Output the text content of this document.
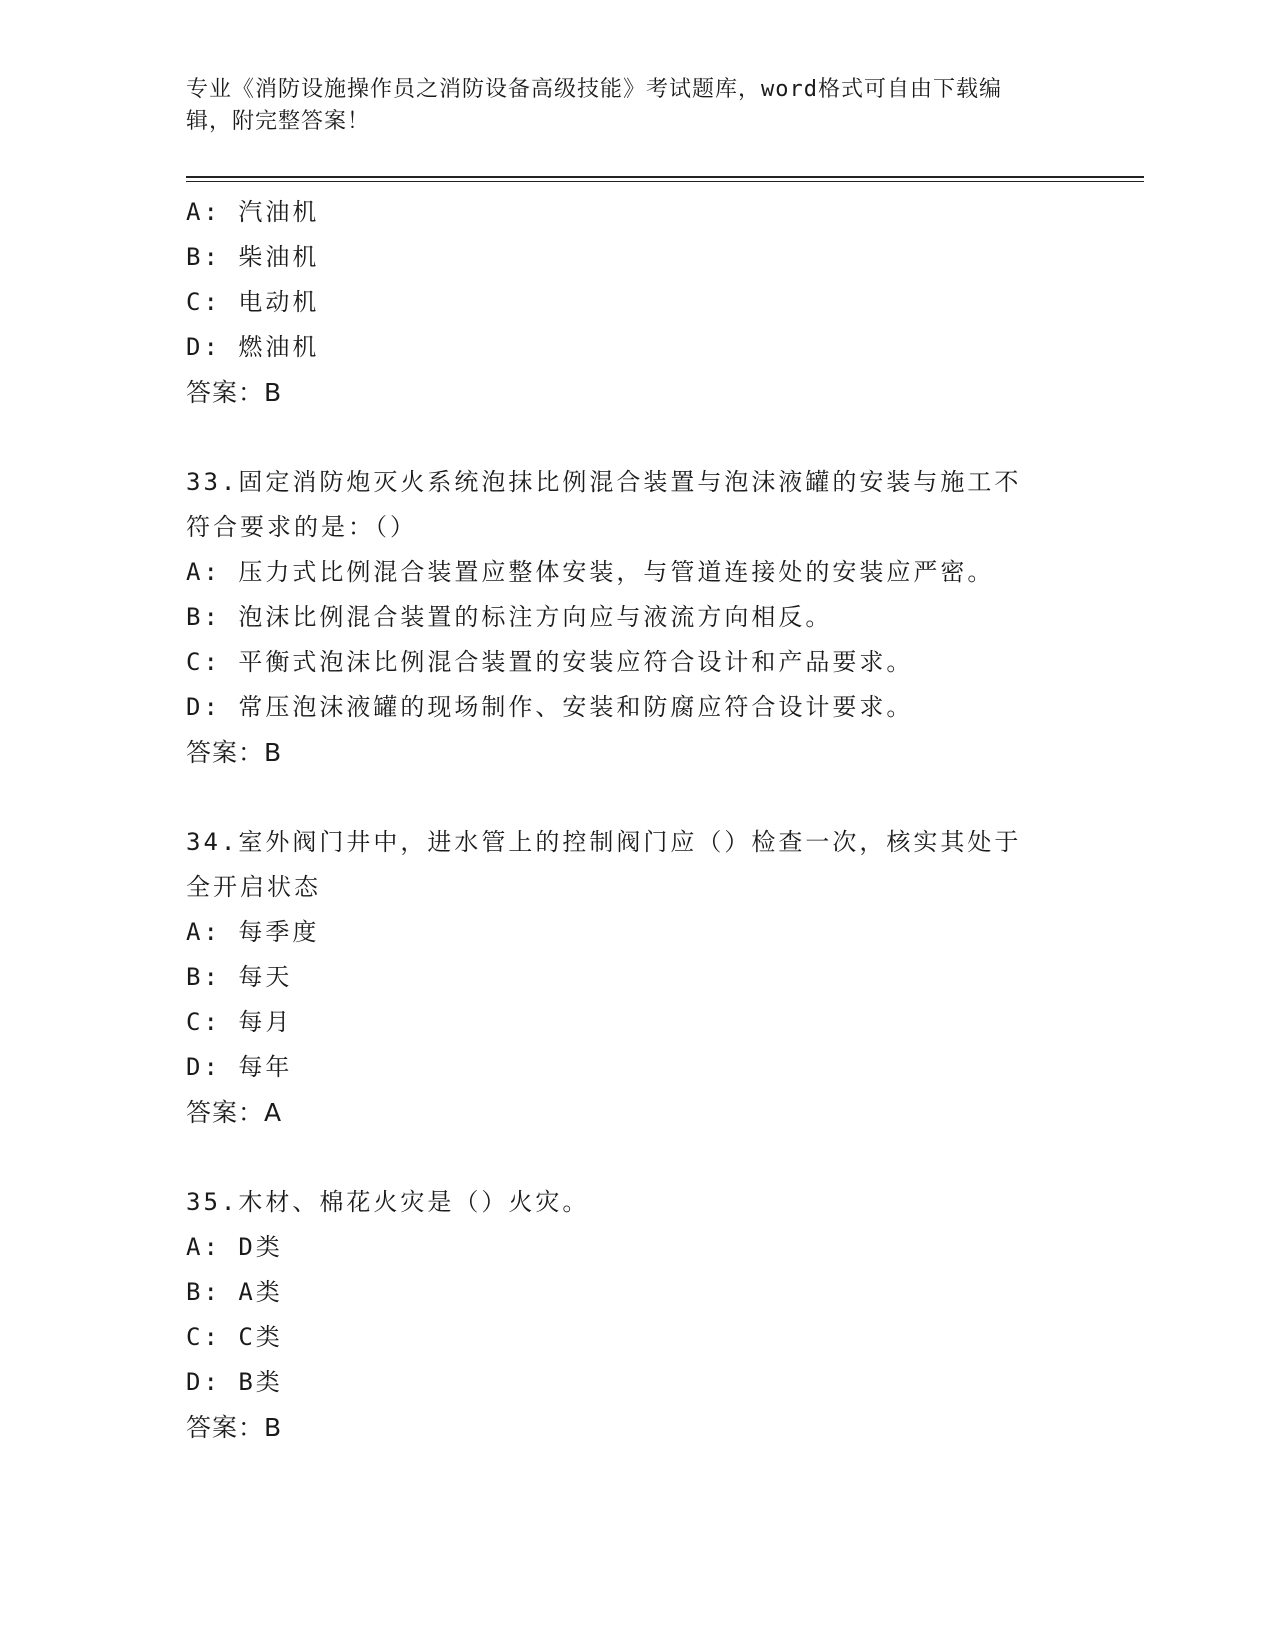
专业《消防设施操作员之消防设备高级技能》考试题库，word格式可自由下载编
辑，附完整答案！
A: 汽油机
B: 柴油机
C: 电动机
D: 燃油机
答案：B
33.固定消防炮灭火系统泡抹比例混合装置与泡沫液罐的安装与施工不
符合要求的是：（）
A: 压力式比例混合装置应整体安装，与管道连接处的安装应严密。
B: 泡沫比例混合装置的标注方向应与液流方向相反。
C: 平衡式泡沫比例混合装置的安装应符合设计和产品要求。
D: 常压泡沫液罐的现场制作、安装和防腐应符合设计要求。
答案：B
34.室外阀门井中，进水管上的控制阀门应（）检查一次，核实其处于
全开启状态
A: 每季度
B: 每天
C: 每月
D: 每年
答案：A
35.木材、棉花火灾是（）火灾。
A: D类
B: A类
C: C类
D: B类
答案：B
